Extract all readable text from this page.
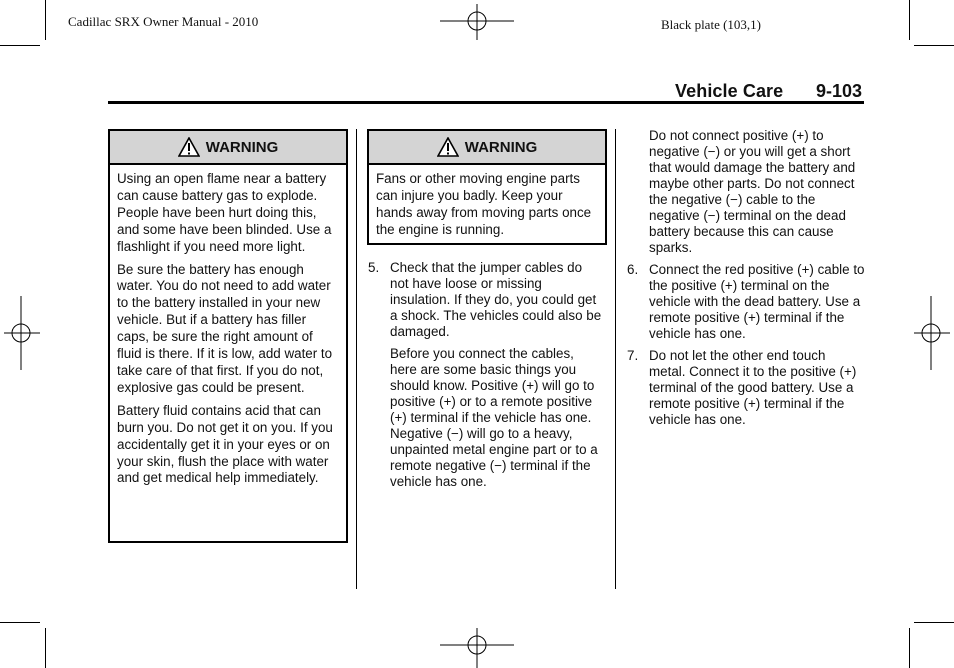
Cadillac SRX Owner Manual - 2010	Black plate (103,1)
Vehicle Care 9-103
WARNING

Using an open flame near a battery can cause battery gas to explode. People have been hurt doing this, and some have been blinded. Use a flashlight if you need more light.

Be sure the battery has enough water. You do not need to add water to the battery installed in your new vehicle. But if a battery has filler caps, be sure the right amount of fluid is there. If it is low, add water to take care of that first. If you do not, explosive gas could be present.

Battery fluid contains acid that can burn you. Do not get it on you. If you accidentally get it in your eyes or on your skin, flush the place with water and get medical help immediately.

WARNING

Fans or other moving engine parts can injure you badly. Keep your hands away from moving parts once the engine is running.

5. Check that the jumper cables do not have loose or missing insulation. If they do, you could get a shock. The vehicles could also be damaged.

Before you connect the cables, here are some basic things you should know. Positive (+) will go to positive (+) or to a remote positive (+) terminal if the vehicle has one. Negative (−) will go to a heavy, unpainted metal engine part or to a remote negative (−) terminal if the vehicle has one.

Do not connect positive (+) to negative (−) or you will get a short that would damage the battery and maybe other parts. Do not connect the negative (−) cable to the negative (−) terminal on the dead battery because this can cause sparks.

6. Connect the red positive (+) cable to the positive (+) terminal on the vehicle with the dead battery. Use a remote positive (+) terminal if the vehicle has one.

7. Do not let the other end touch metal. Connect it to the positive (+) terminal of the good battery. Use a remote positive (+) terminal if the vehicle has one.
